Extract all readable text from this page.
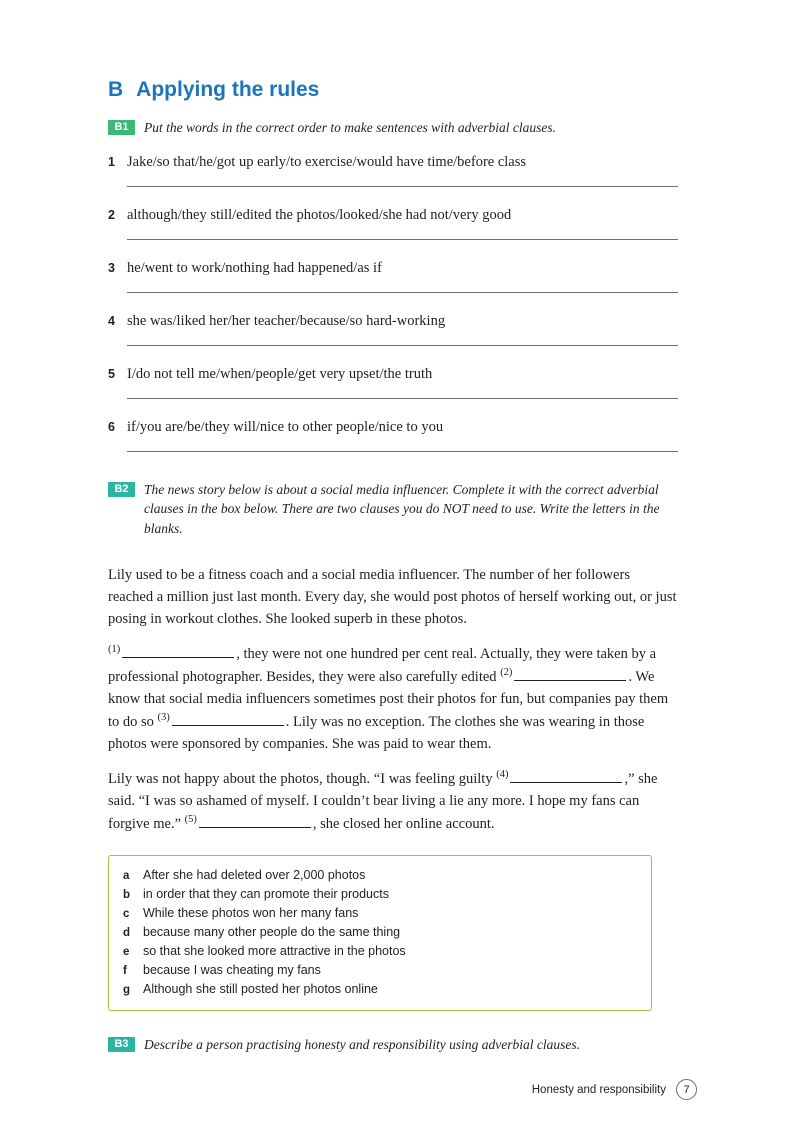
B Applying the rules
B1	Put the words in the correct order to make sentences with adverbial clauses.
1 Jake/so that/he/got up early/to exercise/would have time/before class
2 although/they still/edited the photos/looked/she had not/very good
3 he/went to work/nothing had happened/as if
4 she was/liked her/her teacher/because/so hard-working
5 I/do not tell me/when/people/get very upset/the truth
6 if/you are/be/they will/nice to other people/nice to you
B2	The news story below is about a social media influencer. Complete it with the correct adverbial clauses in the box below. There are two clauses you do NOT need to use. Write the letters in the blanks.

Lily used to be a fitness coach and a social media influencer. The number of her followers reached a million just last month. Every day, she would post photos of herself working out, or just posing in workout clothes. She looked superb in these photos.

$^{(1)}$	, they were not one hundred per cent real. Actually, they were taken by a professional photographer. Besides, they were also carefully edited $^{(2)}$	. We know that social media influencers sometimes post their photos for fun, but companies pay them to do so $^{(3)}$	. Lily was no exception. The clothes she was wearing in those photos were sponsored by companies. She was paid to wear them.

Lily was not happy about the photos, though. “I was feeling guilty $^{(4)}$	,” she said. “I was so ashamed of myself. I couldn’t bear living a lie any more. I hope my fans can forgive me.” $^{(5)}$	, she closed her online account.

a After she had deleted over 2,000 photos
b in order that they can promote their products
c While these photos won her many fans
d because many other people do the same thing
e so that she looked more attractive in the photos
f	because I was cheating my fans
g Although she still posted her photos online
B3	Describe a person practising honesty and responsibility using adverbial clauses.
Honesty and responsibility	7
